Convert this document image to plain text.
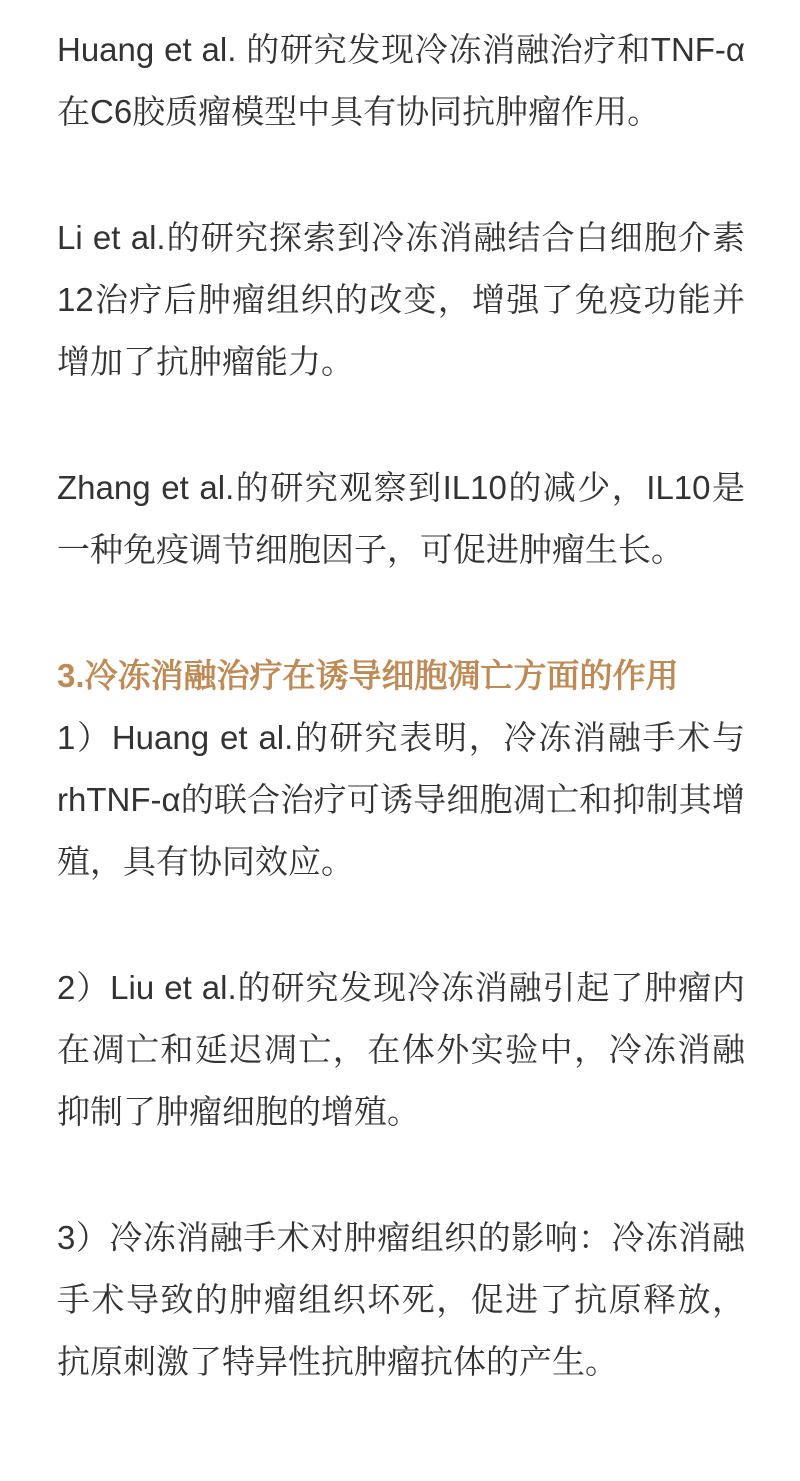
Huang et al. 的研究发现冷冻消融治疗和TNF-α在C6胶质瘤模型中具有协同抗肿瘤作用。

Li et al.的研究探索到冷冻消融结合白细胞介素12治疗后肿瘤组织的改变，增强了免疫功能并增加了抗肿瘤能力。

Zhang et al.的研究观察到IL10的减少，IL10是一种免疫调节细胞因子，可促进肿瘤生长。

3.冷冻消融治疗在诱导细胞凋亡方面的作用

1）Huang et al.的研究表明，冷冻消融手术与rhTNF-α的联合治疗可诱导细胞凋亡和抑制其增殖，具有协同效应。

2）Liu et al.的研究发现冷冻消融引起了肿瘤内在凋亡和延迟凋亡，在体外实验中，冷冻消融抑制了肿瘤细胞的增殖。

3）冷冻消融手术对肿瘤组织的影响：冷冻消融手术导致的肿瘤组织坏死，促进了抗原释放，抗原刺激了特异性抗肿瘤抗体的产生。
